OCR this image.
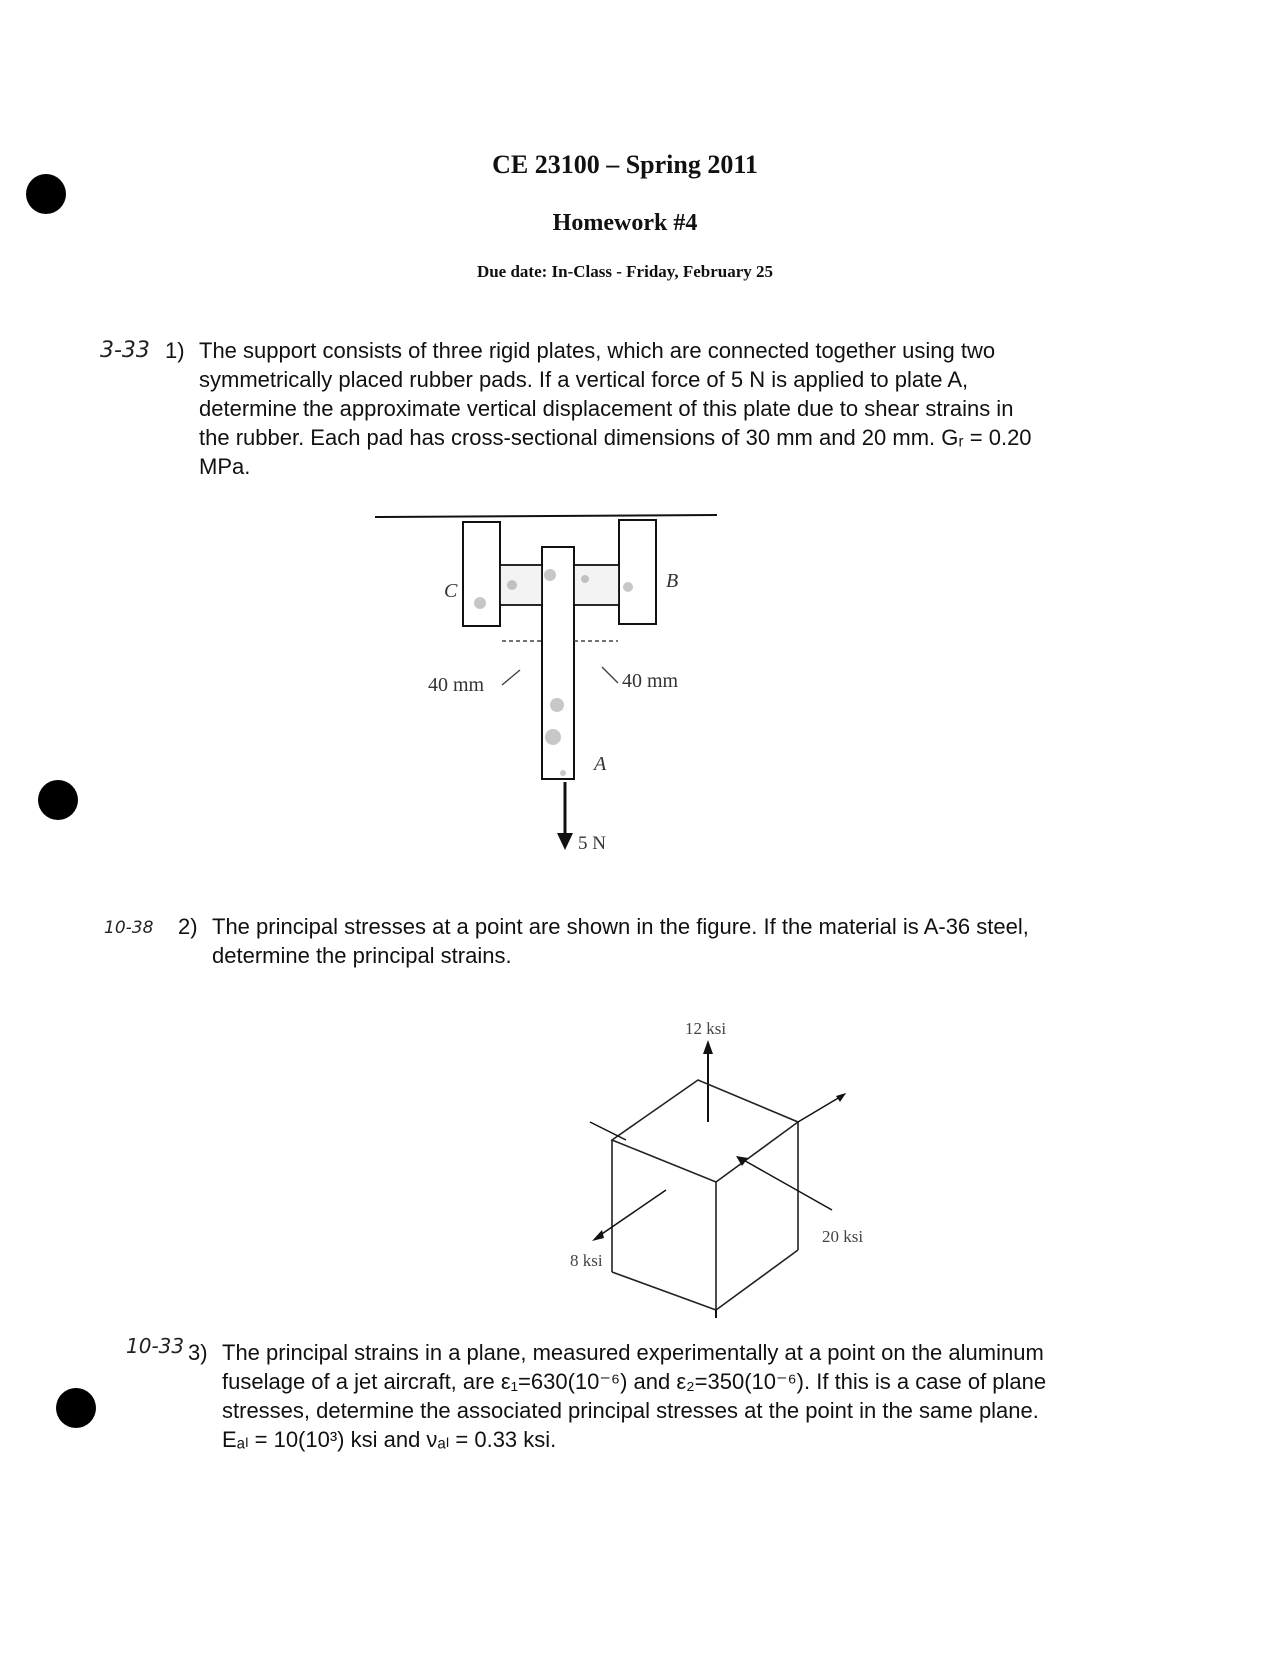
CE 23100 – Spring 2011
Homework #4
Due date: In-Class - Friday, February 25
3-33 1) The support consists of three rigid plates, which are connected together using two
symmetrically placed rubber pads. If a vertical force of 5 N is applied to plate A,
determine the approximate vertical displacement of this plate due to shear strains in
the rubber. Each pad has cross-sectional dimensions of 30 mm and 20 mm. Gᵣ = 0.20
MPa.
C	B
A
40 mm	40 mm
5 N
10-38 2) The principal stresses at a point are shown in the figure. If the material is A-36 steel,
determine the principal strains.
12 ksi
8 ksi
20 ksi
10-33 3) The principal strains in a plane, measured experimentally at a point on the aluminum
fuselage of a jet aircraft, are ε₁=630(10⁻⁶) and ε₂=350(10⁻⁶). If this is a case of plane
stresses, determine the associated principal stresses at the point in the same plane.
Eₐₗ = 10(10³) ksi and νₐₗ = 0.33 ksi.
